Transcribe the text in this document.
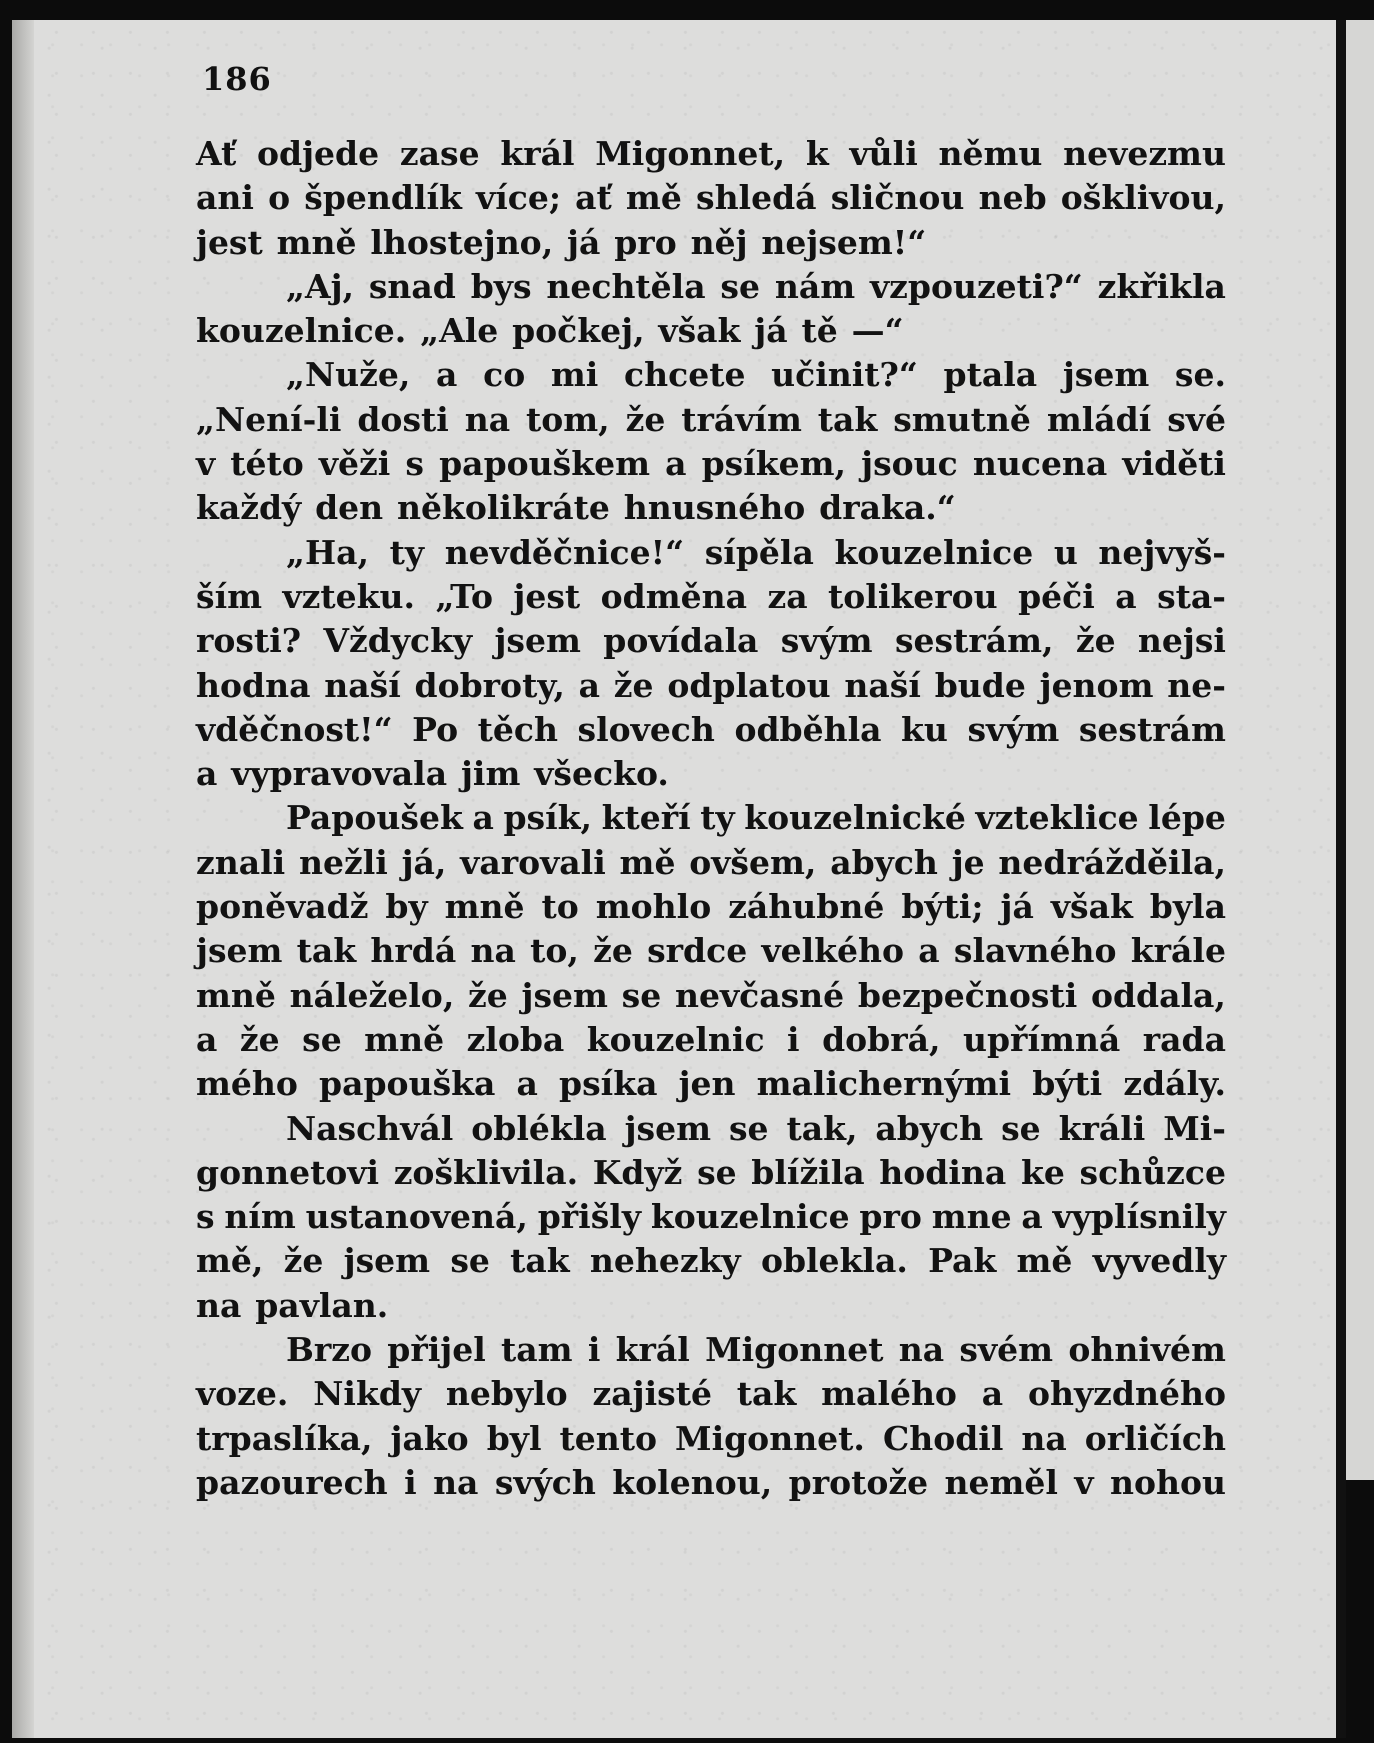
186
Ať odjede zase král Migonnet, k vůli němu nevezmu
ani o špendlík více; ať mě shledá sličnou neb ošklivou,
jest mně lhostejno, já pro něj nejsem!“
„Aj, snad bys nechtěla se nám vzpouzeti?“ zkřikla
kouzelnice. „Ale počkej, však já tě —“
„Nuže, a co mi chcete učinit?“ ptala jsem se.
„Není-li dosti na tom, že trávím tak smutně mládí své
v této věži s papouškem a psíkem, jsouc nucena viděti
každý den několikráte hnusného draka.“
„Ha, ty nevděčnice!“ sípěla kouzelnice u nejvyš-
ším vzteku. „To jest odměna za tolikerou péči a sta-
rosti? Vždycky jsem povídala svým sestrám, že nejsi
hodna naší dobroty, a že odplatou naší bude jenom ne-
vděčnost!“ Po těch slovech odběhla ku svým sestrám
a vypravovala jim všecko.
Papoušek a psík, kteří ty kouzelnické vzteklice lépe
znali nežli já, varovali mě ovšem, abych je nedrážděila,
poněvadž by mně to mohlo záhubné býti; já však byla
jsem tak hrdá na to, že srdce velkého a slavného krále
mně náleželo, že jsem se nevčasné bezpečnosti oddala,
a že se mně zloba kouzelnic i dobrá, upřímná rada
mého papouška a psíka jen malichernými býti zdály.
Naschvál oblékla jsem se tak, abych se králi Mi-
gonnetovi zošklivila. Když se blížila hodina ke schůzce
s ním ustanovená, přišly kouzelnice pro mne a vyplísnily
mě, že jsem se tak nehezky oblekla. Pak mě vyvedly
na pavlan.
Brzo přijel tam i král Migonnet na svém ohnivém
voze. Nikdy nebylo zajisté tak malého a ohyzdného
trpaslíka, jako byl tento Migonnet. Chodil na orličích
pazourech i na svých kolenou, protože neměl v nohou
